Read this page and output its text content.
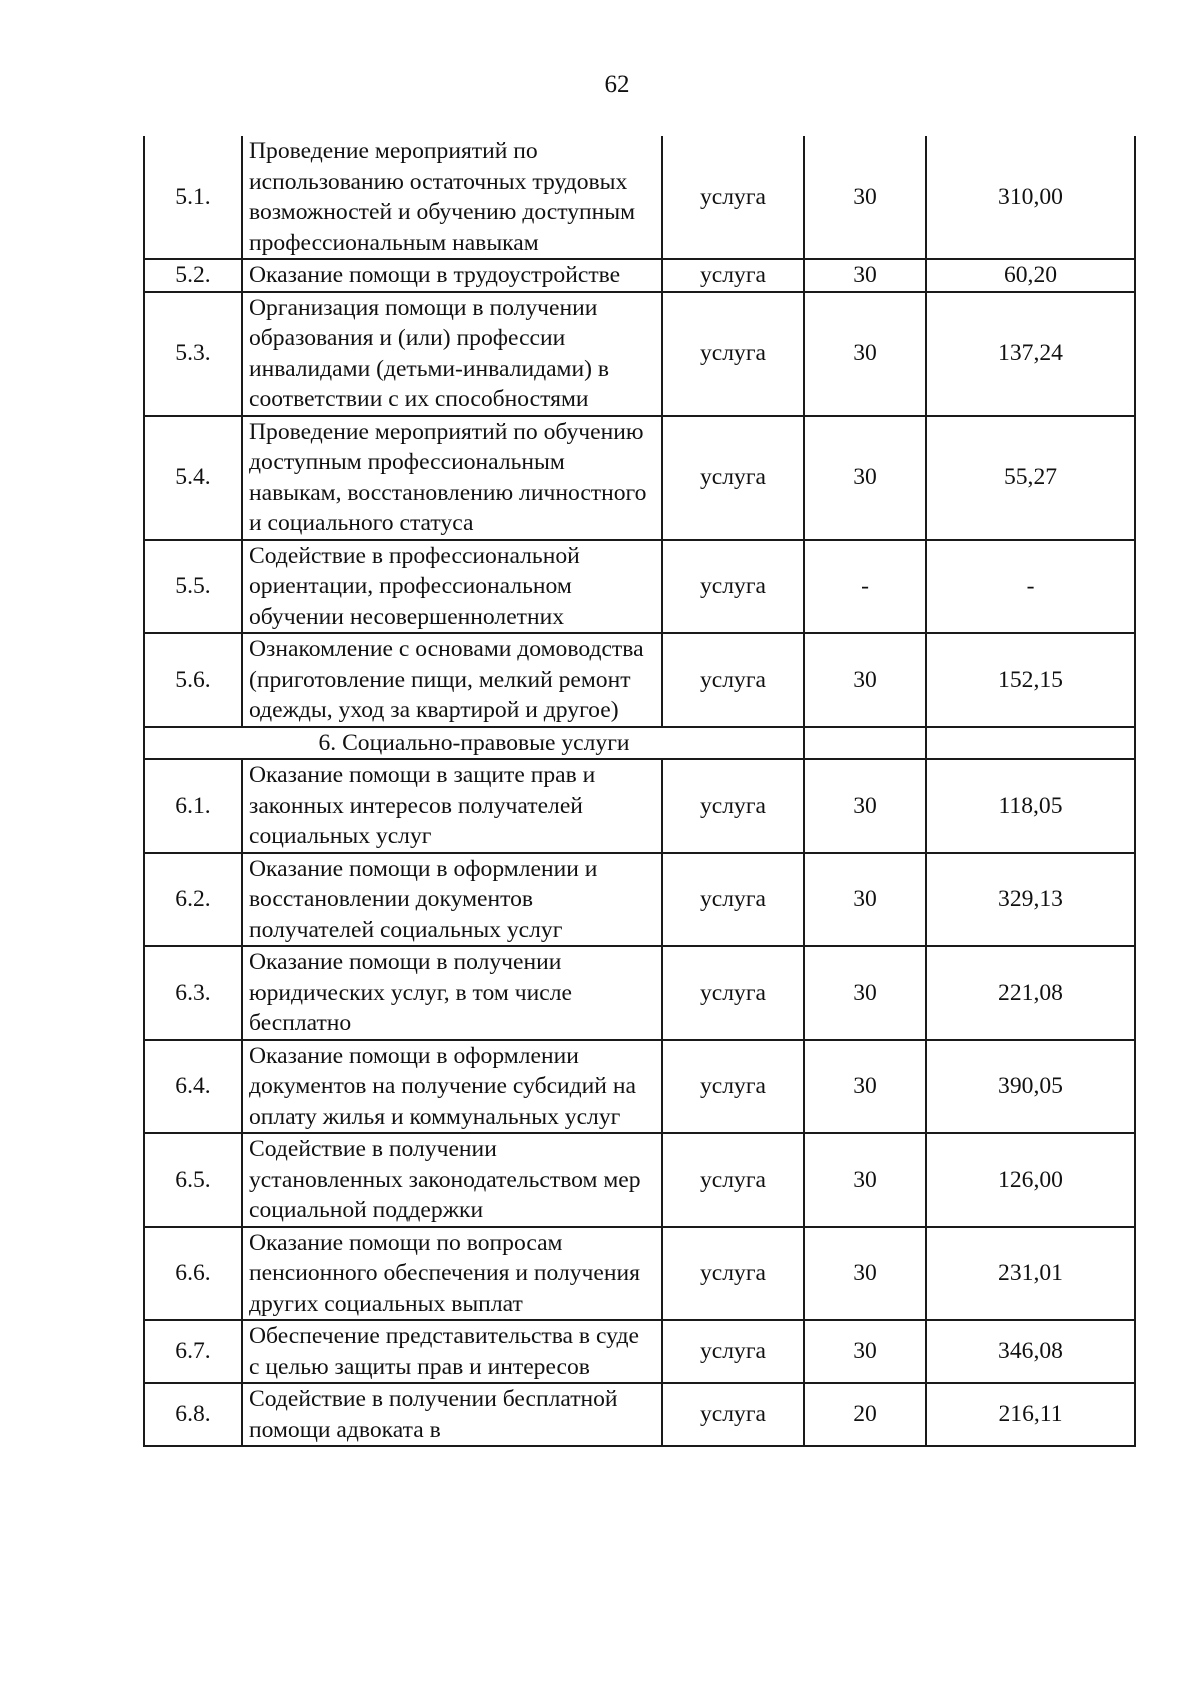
62
5.1.	Проведение мероприятий по использованию остаточных трудовых возможностей и обучению доступным профессиональным навыкам	услуга	30	310,00
5.2.	Оказание помощи в трудоустройстве	услуга	30	60,20
5.3.	Организация помощи в получении образования и (или) профессии инвалидами (детьми-инвалидами) в соответствии с их способностями	услуга	30	137,24
5.4.	Проведение мероприятий по обучению доступным профессиональным навыкам, восстановлению личностного и социального статуса	услуга	30	55,27
5.5.	Содействие в профессиональной ориентации, профессиональном обучении несовершеннолетних	услуга	-	-
5.6.	Ознакомление с основами домоводства (приготовление пищи, мелкий ремонт одежды, уход за квартирой и другое)	услуга	30	152,15
6. Социально-правовые услуги				
6.1.	Оказание помощи в защите прав и законных интересов получателей социальных услуг	услуга	30	118,05
6.2.	Оказание помощи в оформлении и восстановлении документов получателей социальных услуг	услуга	30	329,13
6.3.	Оказание помощи в получении юридических услуг, в том числе бесплатно	услуга	30	221,08
6.4.	Оказание помощи в оформлении документов на получение субсидий на оплату жилья и коммунальных услуг	услуга	30	390,05
6.5.	Содействие в получении установленных законодательством мер социальной поддержки	услуга	30	126,00
6.6.	Оказание помощи по вопросам пенсионного обеспечения и получения других социальных выплат	услуга	30	231,01
6.7.	Обеспечение представительства в суде с целью защиты прав и интересов	услуга	30	346,08
6.8.	Содействие в получении бесплатной помощи адвоката в	услуга	20	216,11
